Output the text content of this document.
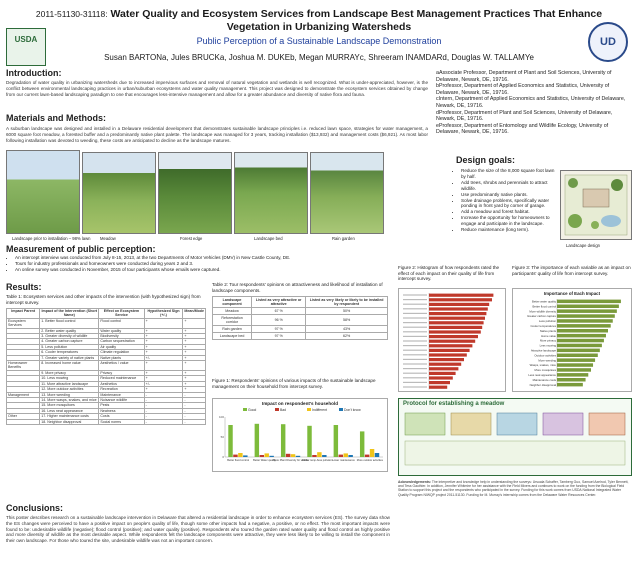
USDA	UD
2011-51130-31118: Water Quality and Ecosystem Services from Landscape Best Management Practices That Enhance
Vegetation in Urbanizing Watersheds
Public Perception of a Sustainable Landscape Demonstration
Susan BARTONa, Jules BRUCKa, Joshua M. DUKEb, Megan MURRAYc, Shreeram INAMDARd, Douglas W. TALLAMYe
Introduction:
Degradation of water quality in urbanizing watersheds due to increased impervious surfaces and removal of natural vegetation and wetlands is well recognized. What is under-appreciated, however, is the conflict between environmental landscaping practices in urban/suburban ecosystems and water quality management. This project was designed to demonstrate the ecosystem services obtained by change from our current lawn-based landscaping paradigm to one that encourages less-intensive management and allow for a greater abundance and diversity of native flora and fauna.
aAssociate Professor, Department of Plant and Soil Sciences, University of Delaware, Newark, DE, 19716.
bProfessor, Department of Applied Economics and Statistics, University of Delaware, Newark, DE, 19716.
cIntern, Department of Applied Economics and Statistics, University of Delaware, Newark, DE, 19716.
dProfessor, Department of Plant and Soil Sciences, University of Delaware, Newark, DE, 19716.
eProfessor, Department of Entomology and Wildlife Ecology, University of Delaware, Newark, DE, 19716.
Materials and Methods:
A suburban landscape was designed and installed in a Delaware residential development that demonstrates sustainable landscape principles i.e. reduced lawn space, strategies for water management, a 6000 square foot meadow, a forested buffer and a predominantly native plant palette. The landscape was managed for 3 years, tracking installation ($13,932) and management costs ($6,921). As most labor following installation was devoted to weeding, these costs are anticipated to decline as the landscape matures.
Landscape prior to installation – 98% lawn Meadow	Forest edge	Landscape bed	Rain garden
Design goals:
• Reduce the size of the 8,000 square foot lawn by half.
• Add trees, shrubs and perennials to attract wildlife.
• Use predominantly native plants.
• Solve drainage problems, specifically water ponding in front yard by corner of garage.
• Add a meadow and forest habitat.
• Increase the opportunity for homeowners to engage and participate in the landscape.
• Reduce maintenance (long term).
Landscape design
Measurement of public perception:
• An intercept interview was conducted from July 8-15, 2013, at the two Departments of Motor Vehicles (DMV) in New Castle County, DE.
• Tours for industry professionals and homeowners were conducted during years 2 and 3.
• An online survey was conducted in November, 2015 of tour participants whose emails were captured.
Results:
Table 1: Ecosystem services and other impacts of the intervention (with hypothesized sign) from intercept survey.
Impact Parent	Impact of the Intervention (Short Name)	Effect on Ecosystem Service	Hypothesized Sign (+/-)	Mean/Mode
Ecosystem Services	1. Better flood control	Flood control	+	+
	2. Better water quality	Water quality	+	+
	3. Greater diversity of wildlife	Biodiversity	+	+
	4. Greater carbon capture	Carbon sequestration	+	+
	5. Less pollution	Air quality	+	+
	6. Cooler temperatures	Climate regulation	+	+
	7. Greater variety of native plants	Native plants	+/-	+
Homeowner Benefits	8. Increased home value	Aesthetics / value	+	+
	9. More privacy	Privacy	+	+
	10. Less mowing	Reduced maintenance	+	+
	11. More attractive landscape	Aesthetics	+/-	+
	12. More outdoor activities	Recreation	+	+
Management	13. More weeding	Maintenance	-	-
	14. More wasps, snakes, and mice	Nuisance wildlife	-	-
	15. More mosquitoes	Pests	-	-
	16. Less neat appearance	Neatness	-	-
Other	17. Higher maintenance costs	Costs	-	-
	18. Neighbor disapproval	Social norms	-	-
Table 2: Tour respondents' opinions on attractiveness and likelihood of installation of landscape components.
Landscape component	Listed as very attractive or attractive	Listed as very likely or likely to be installed by respondent
Meadow	67 %	50%
Reforestation corridor	96 %	58%
Rain garden	97 %	43%
Landscape bed	97 %	62%
Figure 1: Respondents' opinions of various impacts of the sustainable landscape management on their household from intercept survey.
Impact on respondent's household
Good	Bad	Indifferent	Don't know
0
50
100
Better flood control Better Water quality
More Plant Diversity for wildlife
Cooler temp./less pollution Lower maintenance More outdoor activities
Figure 2: Histogram of how respondents rated the effect of each impact on their quality of life from intercept survey.
Figure 3: The importance of each variable as an impact on participants' quality of life from intercept survey.
Importance of Each Impact
Better water quality
Better flood control
More wildlife diversity
Greater carbon capture
Less pollution
Cooler temperatures
Native plants
Home value
More privacy
Less mowing
Attractive landscape
Outdoor activities
More weeding
Wasps, snakes, mice
More mosquitoes
Less neat appearance
Maintenance costs
Neighbor disapproval
Protocol for establishing a meadow
Acknowledgements: The interpretive and knowledge help in understanding the surveys: Ursuala Schaffer, Tamberg Guo, Samuel Axelrod, Tyler Bennett, and Tess Gauthier. In addition, Jennifer Whitmire for her assistance with the Field Mixers and continues to work on the funding from the Biological Field Station to support this project and the respondents who participated in the survey. Funding for this work comes from USDA National Integrated Water Quality Program NIWQP project 2011-51130. Funding for M. Murray's internship comes from the Delaware Water Resources Center.
Conclusions:
This poster describes research on a sustainable landscape intervention in Delaware that altered a residential landscape in order to enhance ecosystem services (ES). The survey data show the ES changes were perceived to have a positive impact on people's quality of life, though some other impacts had a negative, a positive, or no effect. The most important impacts were found to be: undesirable wildlife (negative); flood control (positive); and water quality (positive). Respondents who toured the garden rated water quality and flood control as highly positive and more diversity of wildlife as the most desirable aspect. While respondents felt the landscape components were attractive, they were less likely to be willing to install the component in their own landscape. For those who toured the site, undesirable wildlife was not an important concern.
